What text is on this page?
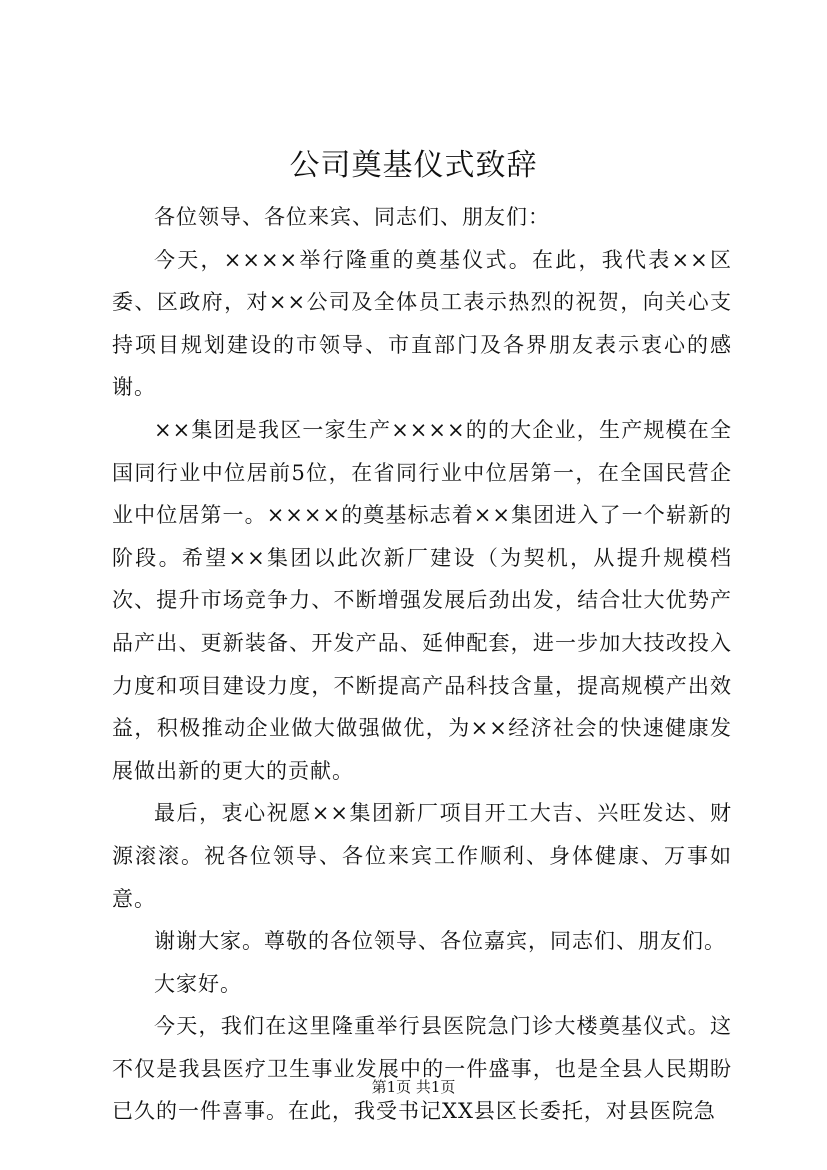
公司奠基仪式致辞

各位领导、各位来宾、同志们、朋友们：

今天，××××举行隆重的奠基仪式。在此，我代表××区委、区政府，对××公司及全体员工表示热烈的祝贺，向关心支持项目规划建设的市领导、市直部门及各界朋友表示衷心的感谢。

××集团是我区一家生产××××的的大企业，生产规模在全国同行业中位居前5位，在省同行业中位居第一，在全国民营企业中位居第一。××××的奠基标志着××集团进入了一个崭新的阶段。希望××集团以此次新厂建设（为契机，从提升规模档次、提升市场竞争力、不断增强发展后劲出发，结合壮大优势产品产出、更新装备、开发产品、延伸配套，进一步加大技改投入力度和项目建设力度，不断提高产品科技含量，提高规模产出效益，积极推动企业做大做强做优，为××经济社会的快速健康发展做出新的更大的贡献。

最后，衷心祝愿××集团新厂项目开工大吉、兴旺发达、财源滚滚。祝各位领导、各位来宾工作顺利、身体健康、万事如意。

谢谢大家。尊敬的各位领导、各位嘉宾，同志们、朋友们。

大家好。

今天，我们在这里隆重举行县医院急门诊大楼奠基仪式。这不仅是我县医疗卫生事业发展中的一件盛事，也是全县人民期盼已久的一件喜事。在此，我受书记XX县区长委托，对县医院急

第1页 共1页
